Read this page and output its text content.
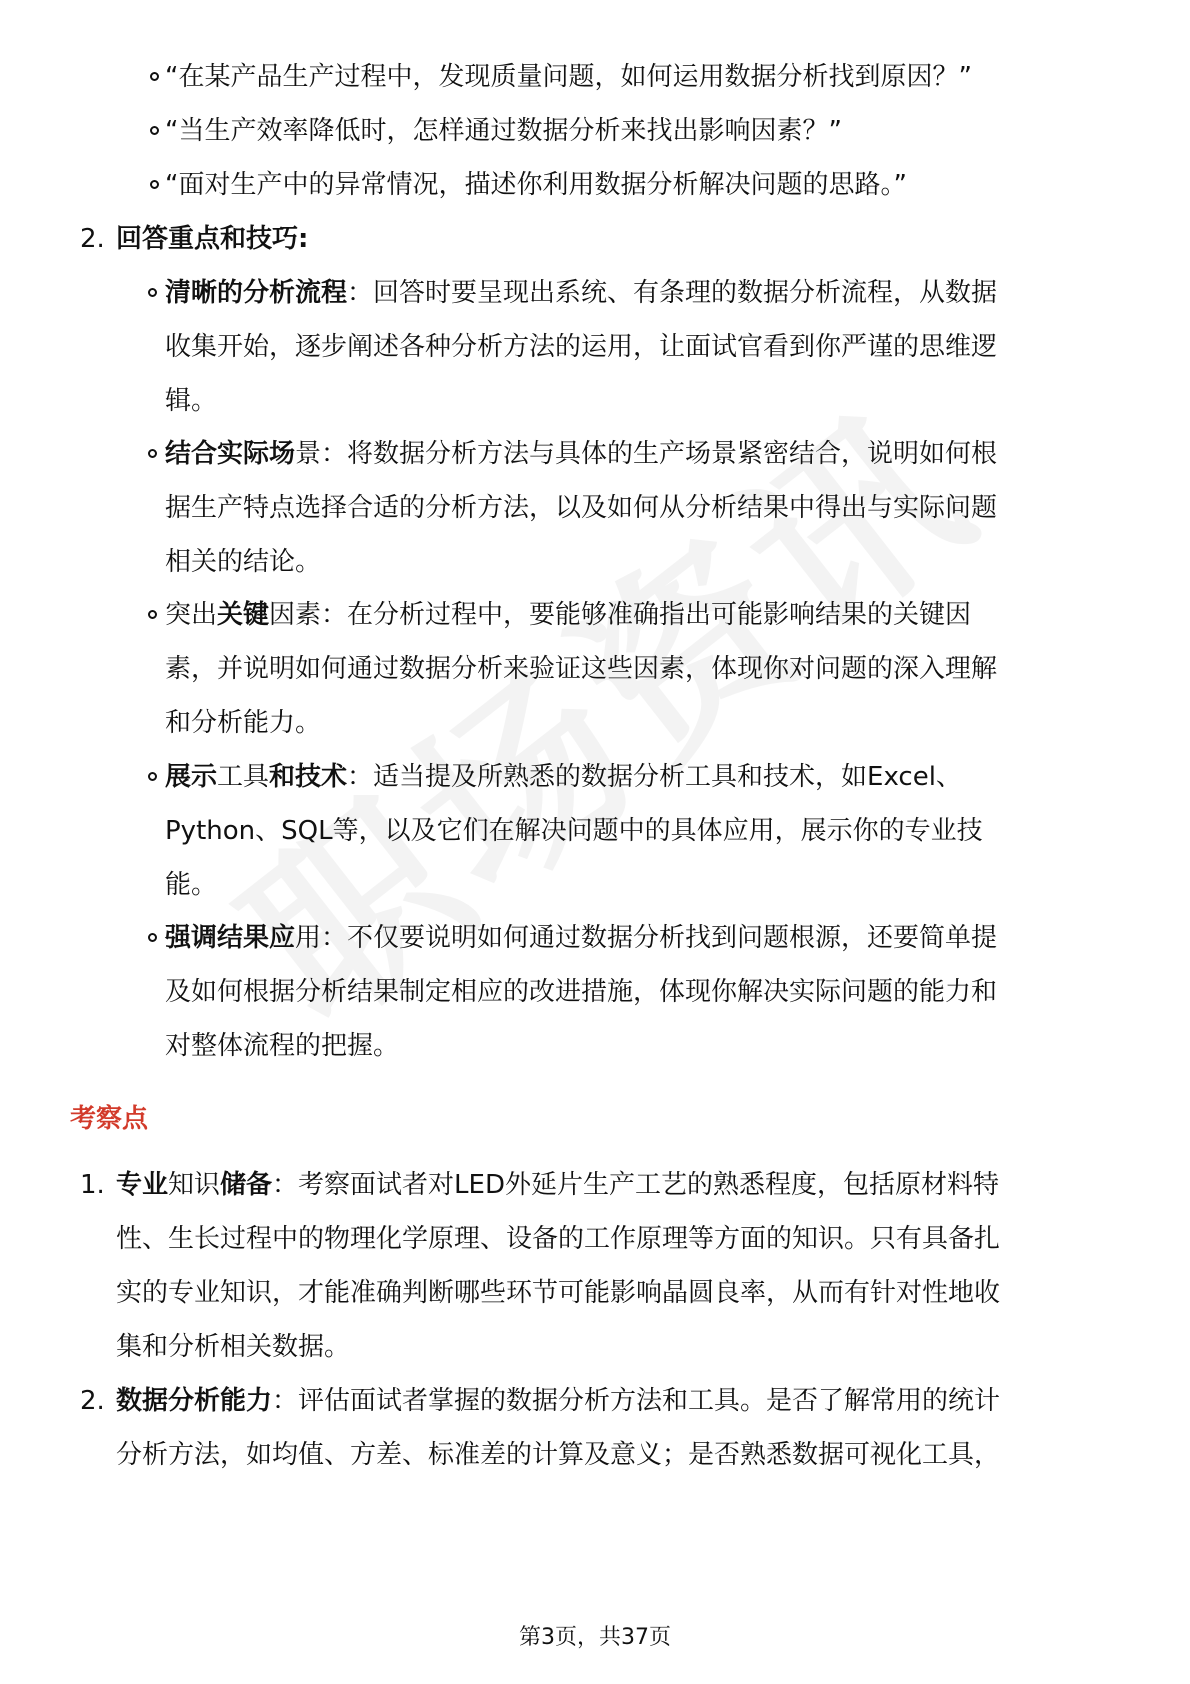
“在某产品生产过程中，发现质量问题，如何运用数据分析找到原因？”
“当生产效率降低时，怎样通过数据分析来找出影响因素？”
“面对生产中的异常情况，描述你利用数据分析解决问题的思路。”
2. 回答重点和技巧:
清晰的分析流程：回答时要呈现出系统、有条理的数据分析流程，从数据
收集开始，逐步阐述各种分析方法的运用，让面试官看到你严谨的思维逻
辑。
结合实际场景：将数据分析方法与具体的生产场景紧密结合，说明如何根
据生产特点选择合适的分析方法，以及如何从分析结果中得出与实际问题
相关的结论。
突出关键因素：在分析过程中，要能够准确指出可能影响结果的关键因
素，并说明如何通过数据分析来验证这些因素，体现你对问题的深入理解
和分析能力。
展示工具和技术：适当提及所熟悉的数据分析工具和技术，如Excel、
Python、SQL等，以及它们在解决问题中的具体应用，展示你的专业技
能。
强调结果应用：不仅要说明如何通过数据分析找到问题根源，还要简单提
及如何根据分析结果制定相应的改进措施，体现你解决实际问题的能力和
对整体流程的把握。
考察点
1. 专业知识储备：考察面试者对LED外延片生产工艺的熟悉程度，包括原材料特
性、生长过程中的物理化学原理、设备的工作原理等方面的知识。只有具备扎
实的专业知识，才能准确判断哪些环节可能影响晶圆良率，从而有针对性地收
集和分析相关数据。
2. 数据分析能力：评估面试者掌握的数据分析方法和工具。是否了解常用的统计
分析方法，如均值、方差、标准差的计算及意义；是否熟悉数据可视化工具，
第3页，共37页
